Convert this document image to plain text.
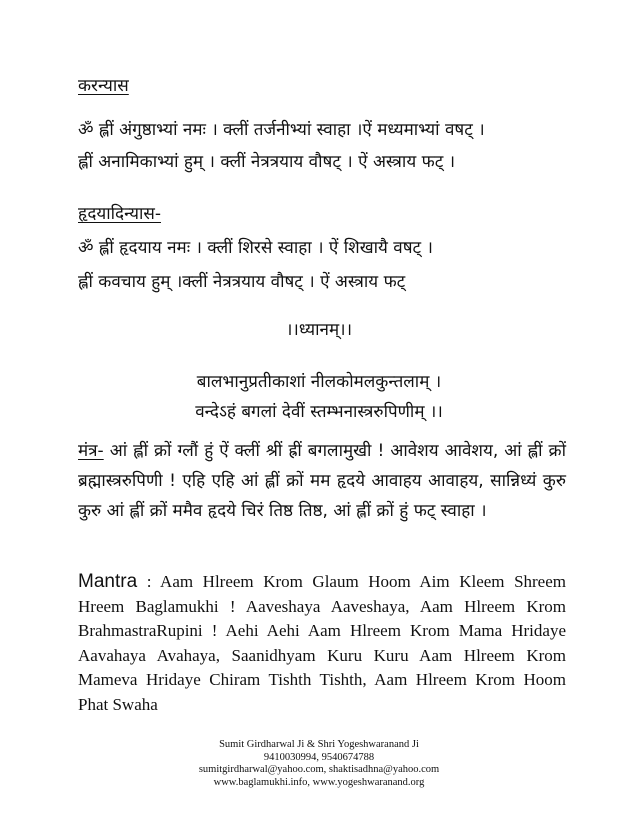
करन्यास
ॐ ह्लीं अंगुष्ठाभ्यां नमः । क्लीं तर्जनीभ्यां स्वाहा ।ऐं मध्यमाभ्यां वषट् ।
ह्लीं अनामिकाभ्यां हुम् । क्लीं नेत्रत्रयाय वौषट् । ऐं अस्त्राय फट् ।
हृदयादिन्यास-
ॐ ह्लीं हृदयाय नमः । क्लीं शिरसे स्वाहा । ऐं शिखायै वषट् ।
ह्लीं कवचाय हुम् ।क्लीं नेत्रत्रयाय वौषट् । ऐं अस्त्राय फट्
।।ध्यानम्।।
बालभानुप्रतीकाशां नीलकोमलकुन्तलाम् ।
वन्देऽहं बगलां देवीं स्तम्भनास्त्ररुपिणीम् ।।
मंत्र- आं ह्लीं क्रों ग्लौं हुं ऐं क्लीं श्रीं ह्रीं बगलामुखी ! आवेशय आवेशय, आं ह्लीं क्रों ब्रह्मास्त्ररुपिणी ! एहि एहि आं ह्लीं क्रों मम हृदये आवाहय आवाहय, सान्निध्यं कुरु कुरु आं ह्लीं क्रों ममैव हृदये चिरं तिष्ठ तिष्ठ, आं ह्लीं क्रों हुं फट् स्वाहा ।
Mantra : Aam Hlreem Krom Glaum Hoom Aim Kleem Shreem Hreem Baglamukhi ! Aaveshaya Aaveshaya, Aam Hlreem Krom BrahmastraRupini ! Aehi Aehi Aam Hlreem Krom Mama Hridaye Aavahaya Avahaya, Saanidhyam Kuru Kuru Aam Hlreem Krom Mameva Hridaye Chiram Tishth Tishth, Aam Hlreem Krom Hoom Phat Swaha
Sumit Girdharwal Ji & Shri Yogeshwaranand Ji
9410030994, 9540674788
sumitgirdharwal@yahoo.com, shaktisadhna@yahoo.com
www.baglamukhi.info, www.yogeshwaranand.org
